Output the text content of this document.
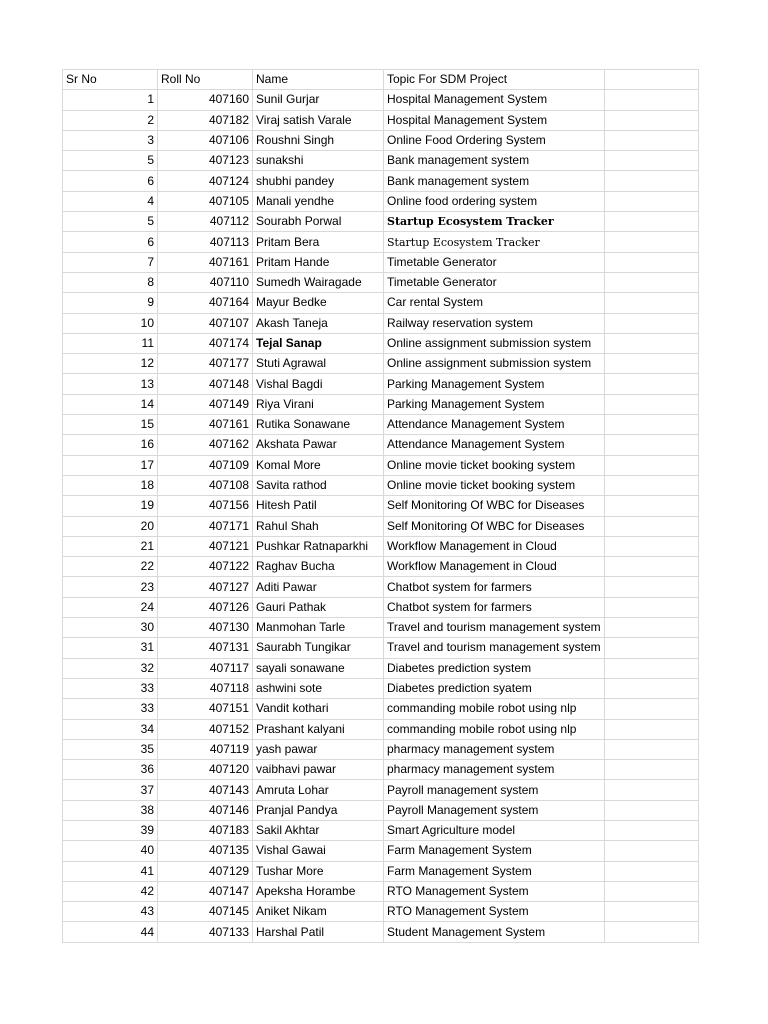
Sr No	Roll No	Name	Topic For SDM Project	
1	407160	Sunil Gurjar	Hospital Management System	
2	407182	Viraj satish Varale	Hospital Management System	
3	407106	Roushni Singh	Online Food Ordering System	
5	407123	sunakshi	Bank management system	
6	407124	shubhi pandey	Bank management system	
4	407105	Manali yendhe	Online food ordering system	
5	407112	Sourabh Porwal	Startup Ecosystem Tracker	
6	407113	Pritam Bera	Startup Ecosystem Tracker	
7	407161	Pritam Hande	Timetable Generator	
8	407110	Sumedh Wairagade	Timetable Generator	
9	407164	Mayur Bedke	Car rental System	
10	407107	Akash Taneja	Railway reservation system	
11	407174	Tejal Sanap	Online assignment submission system	
12	407177	Stuti Agrawal	Online assignment submission system	
13	407148	Vishal Bagdi	Parking Management System	
14	407149	Riya Virani	Parking Management System	
15	407161	Rutika Sonawane	Attendance Management System	
16	407162	Akshata Pawar	Attendance Management System	
17	407109	Komal More	Online movie ticket booking system	
18	407108	Savita rathod	Online movie ticket booking system	
19	407156	Hitesh Patil	Self Monitoring Of WBC for Diseases	
20	407171	Rahul Shah	Self Monitoring Of WBC for Diseases	
21	407121	Pushkar Ratnaparkhi	Workflow Management in Cloud	
22	407122	Raghav Bucha	Workflow Management in Cloud	
23	407127	Aditi Pawar	Chatbot system for farmers	
24	407126	Gauri Pathak	Chatbot system for farmers	
30	407130	Manmohan Tarle	Travel and tourism management system	
31	407131	Saurabh Tungikar	Travel and tourism management system	
32	407117	sayali sonawane	Diabetes prediction system	
33	407118	ashwini sote	Diabetes prediction syatem	
33	407151	Vandit kothari	commanding mobile robot using nlp	
34	407152	Prashant kalyani	commanding mobile robot using nlp	
35	407119	yash pawar	pharmacy management system	
36	407120	vaibhavi pawar	pharmacy management system	
37	407143	Amruta Lohar	Payroll management system	
38	407146	Pranjal Pandya	Payroll Management system	
39	407183	Sakil Akhtar	Smart Agriculture model	
40	407135	Vishal Gawai	Farm Management System	
41	407129	Tushar More	Farm Management System	
42	407147	Apeksha Horambe	RTO Management System	
43	407145	Aniket Nikam	RTO Management System	
44	407133	Harshal Patil	Student Management System	
